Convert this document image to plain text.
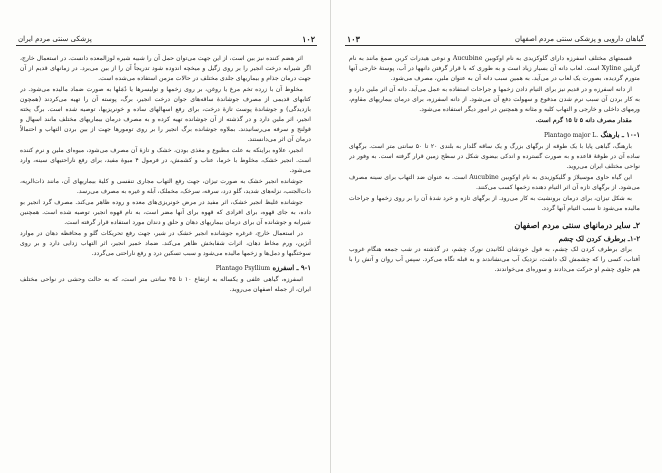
۱۰۲
پزشکی سنتی مردم ایران

اثر هضم کننده نیز بین است، از این جهت می‌توان حمل آن را شبیه شیره لوزالمعده دانست. در استعمال خارج، اگر شیرابه درخت انجیر را بر روی زگیل و میخچه اندوده شود تدریجاً آن را از بین می‌برد. در زمانهای قدیم از آن جهت درمان جذام و بیماریهای جلدی مختلف در حالات مزمن استفاده می‌شده است.

مخلوط آن با زرده تخم مرغ یا روغن، بر روی زخمها و تولیسرها یا دُمَلها به صورت ضماد مالیده می‌شود. در کتابهای قدیمی از مصرف جوشاندهٔ ساقه‌های جوان درخت انجیر، برگ، پوسته آن را تهیه می‌کردند (همچون بازدیدگی) و جوشاندهٔ پوست تازهٔ درخت، برای رفع اسهالهای ساده و خونریزیها، توصیه شده است. برگ پخته انجیر، اثر ملین دارد و در گذشته از آن جوشانده تهیه کرده و به مصرف درمان بیماریهای مختلف مانند اسهال و قولنج و سرفه می‌رسانیدند. بملاوه جوشانده برگ انجیر را بر روی تومورها جهت از بین بردن التهاب و احتمالاً درمان آن اثر می‌دانستند.

انجیر، علاوه براینکه به علت مطبوع و مغذی بودن، خشک و تازهٔ آن مصرف می‌شود، میوه‌ای ملین و نرم کننده است. انجیر خشک، مخلوط با خرما، عناب و کشمش، در فرمول ۴ میوهٔ مفید، برای رفع ناراحتیهای سینه، وارد می‌شود.

جوشانده انجیر خشک به صورت تیزان، جهت رفع التهاب مجاری تنفسی و کلیهٔ بیماریهای آن، مانند ذات‌الریه، ذات‌الجنب، نزله‌های شدید، گلو درد، سرفه، سرخک، مخملک، آبله و غیره به مصرف می‌رسد.

جوشانده غلیظ انجیر خشک، اثر مفید در مرض خونریزی‌های معده و روده ظاهر می‌کند. مصرف گرد انجیر بو داده، به جای قهوه، برای افرادی که قهوه برای آنها مضر است، به نام قهوه انجیر، توصیه شده است. همچنین شیرابه و جوشانده آن برای درمان بیماریهای دهان و حلق و دندان مورد استفاده قرار گرفته است.

در استعمال خارج، غرغره جوشانده انجیر خشک در شیر، جهت رفع تحریکات گلو و محافظه دهان در موارد آنژین، ورم مخاط دهان، اثرات شفابخش ظاهر می‌کند. ضماد خمیر انجیر، اثر التهاب زدایی دارد و بر روی سوختگیها و دمل‌ها و زخمها مالیده می‌شود و سبب تسکین درد و رفع ناراحتی می‌گردد.

۹-۱ ـ اسفرزه Plantago Psyllium

اسفرزه، گیاهی علفی و یکساله به ارتفاع ۱۰ تا ۳۵ سانتی متر است، که به حالت وحشی در نواحی مختلف ایران، از جمله اصفهان می‌روید.

۱۰۳	گیاهان دارویی و پزشکی سنتی مردم اصفهان

قسمتهای مختلف اسفرزه دارای گلوکزیدی به نام اوکوبین Aucubine و نوعی هیدرات کربن صمغ مانند به نام گزیلین Xyline است. لعاب دانه آن بسیار زیاد است و به طوری که با قرار گرفتن دانهها در آب، پوستهٔ خارجی آنها متورم گردیده، بصورت یک لعاب در می‌آید. به همین سبب دانه آن به عنوان ملین، مصرف می‌شود.

از دانه اسفرزه و در قدیم نیز برای التیام دادن زخمها و جراحات استفاده به عمل می‌آید. دانه آن اثر ملین دارد و به کار بردن آن سبب نرم شدن مدفوع و سهولت دفع آن می‌شود. از دانه اسفرزه، برای درمان بیماریهای مقاوم، ورمهای داخلی و خارجی و التهاب کلیه و مثانه و همچنین در امور دیگر استفاده می‌شود.

مقدار مصرف دانه ۵ تا ۱۵ گرم است.

۱۰-۱ ـ بارهنگ Plantago major L.

بارهنگ، گیاهی پایا با یک طوقه از برگهای بزرگ و یک ساقه گلدار به بلندی ۲۰ تا ۵۰ سانتی متر است. برگهای ساده آن در طوقهٔ قاعده و به صورت گسترده و اندکی بیضوی شکل در سطح زمین قرار گرفته است. به وفور در نواحی مختلف ایران می‌روید.

این گیاه حاوی موسیلاژ و گلیکوزیدی به نام اوکوبین Aucubine است. به عنوان ضد التهاب برای سینه مصرف می‌شود. از برگهای تازه آن اثر التیام دهنده زخمها کسب می‌کنند.

به شکل تیزان، برای درمان برونشیت به کار می‌رود. از برگهای تازه و خرد شدهٔ آن را بر روی زخمها و جراحات مالیده می‌شود تا سبب التیام آنها گردد.

۲ـ سایر درمانهای سنتی مردم اصفهان
۱-۲ـ برطرف کردن لک چشم

برای برطرف کردن لک چشم، به قول خودشان لکانیدن نورک چشم، در گذشته در شب جمعه هنگام غروب آفتاب، کسی را که چشمش لک داشت، نزدیک آب می‌نشاندند و به قبله نگاه می‌کرد. سپس آب روان و آتش را با هم جلوی چشم او حرکت می‌دادند و سوره‌ای می‌خواندند.
